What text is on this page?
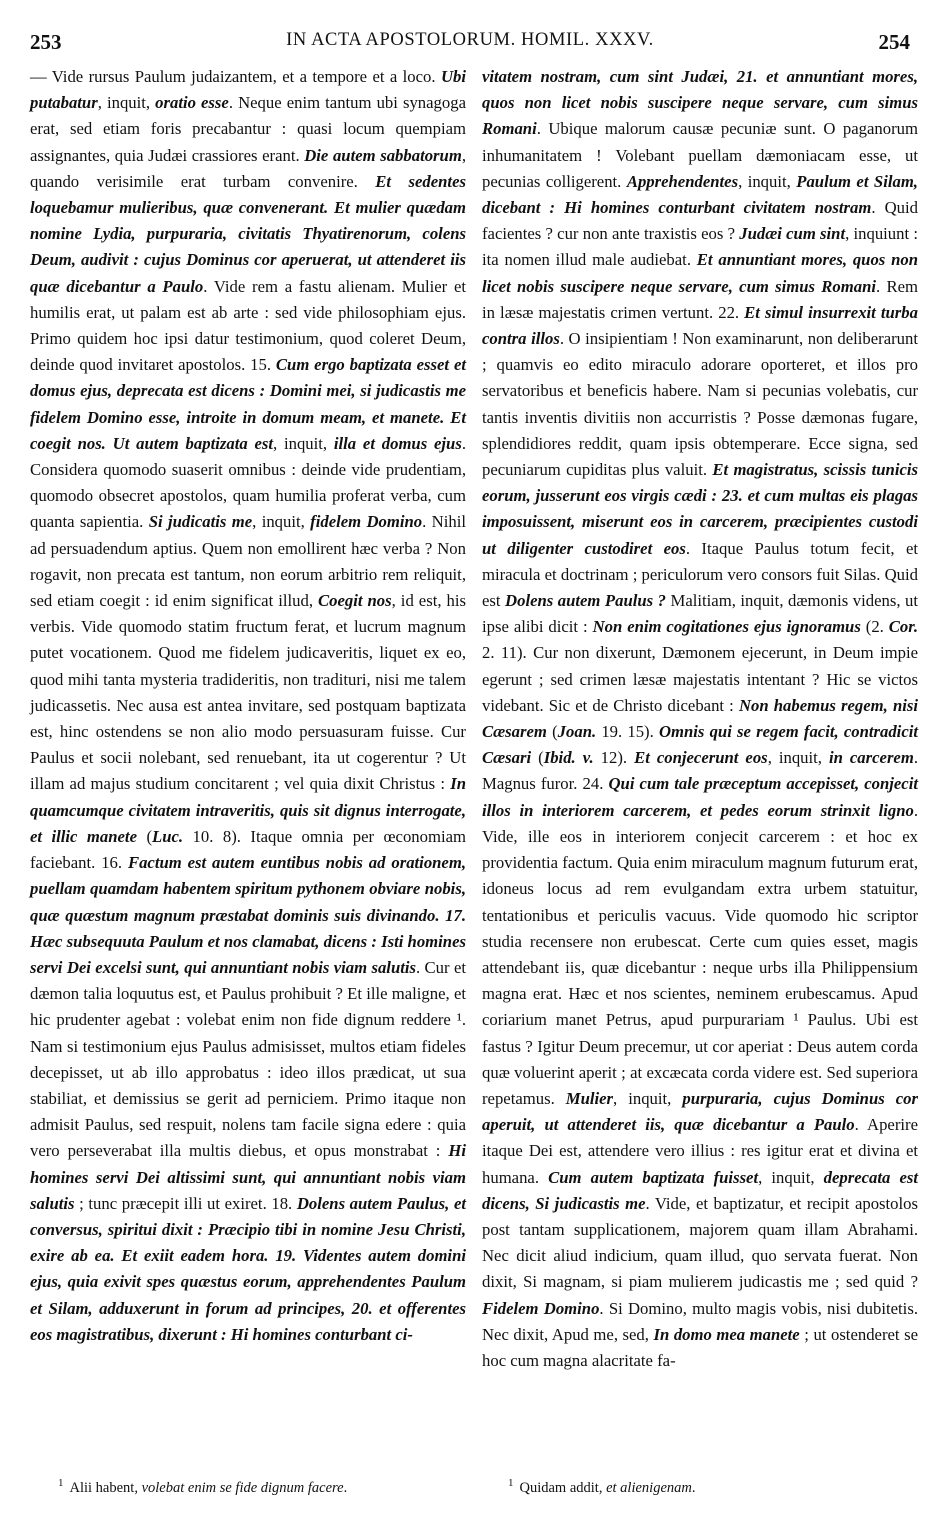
253	IN ACTA APOSTOLORUM. HOMIL. XXXV.	254
— Vide rursus Paulum judaizantem, et a tempore et a loco. Ubi putabatur, inquit, oratio esse. Neque enim tantum ubi synagoga erat, sed etiam foris precabantur : quasi locum quempiam assignantes, quia Judæi crassiores erant. Die autem sabbatorum, quando verisimile erat turbam convenire. Et sedentes loquebamur mulieribus, quæ convenerant. Et mulier quædam nomine Lydia, purpuraria, civitatis Thyatirenorum, colens Deum, audivit : cujus Dominus cor aperuerat, ut attenderet iis quæ dicebantur a Paulo. Vide rem a fastu alienam. Mulier et humilis erat, ut palam est ab arte : sed vide philosophiam ejus. Primo quidem hoc ipsi datur testimonium, quod coleret Deum, deinde quod invitaret apostolos. 15. Cum ergo baptizata esset et domus ejus, deprecata est dicens : Domini mei, si judicastis me fidelem Domino esse, introite in domum meam, et manete. Et coegit nos. Ut autem baptizata est, inquit, illa et domus ejus. Considera quomodo suaserit omnibus : deinde vide prudentiam, quomodo obsecret apostolos, quam humilia proferat verba, cum quanta sapientia. Si judicatis me, inquit, fidelem Domino. Nihil ad persuadendum aptius. Quem non emollirent hæc verba ? Non rogavit, non precata est tantum, non eorum arbitrio rem reliquit, sed etiam coegit : id enim significat illud, Coegit nos, id est, his verbis. Vide quomodo statim fructum ferat, et lucrum magnum putet vocationem. Quod me fidelem judicaveritis, liquet ex eo, quod mihi tanta mysteria tradideritis, non tradituri, nisi me talem judicassetis. Nec ausa est antea invitare, sed postquam baptizata est, hinc ostendens se non alio modo persuasuram fuisse. Cur Paulus et socii nolebant, sed renuebant, ita ut cogerentur ? Ut illam ad majus studium concitarent ; vel quia dixit Christus : In quamcumque civitatem intraveritis, quis sit dignus interrogate, et illic manete (Luc. 10. 8). Itaque omnia per œconomiam faciebant. 16. Factum est autem euntibus nobis ad orationem, puellam quamdam habentem spiritum pythonem obviare nobis, quæ quæstum magnum præstabat dominis suis divinando. 17. Hæc subsequuta Paulum et nos clamabat, dicens : Isti homines servi Dei excelsi sunt, qui annuntiant nobis viam salutis. Cur et dæmon talia loquutus est, et Paulus prohibuit ? Et ille maligne, et hic prudenter agebat : volebat enim non fide dignum reddere ¹. Nam si testimonium ejus Paulus admisisset, multos etiam fideles decepisset, ut ab illo approbatus : ideo illos prædicat, ut sua stabiliat, et demissius se gerit ad perniciem. Primo itaque non admisit Paulus, sed respuit, nolens tam facile signa edere : quia vero perseverabat illa multis diebus, et opus monstrabat : Hi homines servi Dei altissimi sunt, qui annuntiant nobis viam salutis ; tunc præcepit illi ut exiret. 18. Dolens autem Paulus, et conversus, spiritui dixit : Præcipio tibi in nomine Jesu Christi, exire ab ea. Et exiit eadem hora. 19. Videntes autem domini ejus, quia exivit spes quæstus eorum, apprehendentes Paulum et Silam, adduxerunt in forum ad principes, 20. et offerentes eos magistratibus, dixerunt : Hi homines conturbant ci-
vitatem nostram, cum sint Judæi, 21. et annuntiant mores, quos non licet nobis suscipere neque servare, cum simus Romani. Ubique malorum causæ pecuniæ sunt. O paganorum inhumanitatem ! Volebant puellam dæmoniacam esse, ut pecunias colligerent. Apprehendentes, inquit, Paulum et Silam, dicebant : Hi homines conturbant civitatem nostram. Quid facientes ? cur non ante traxistis eos ? Judæi cum sint, inquiunt : ita nomen illud male audiebat. Et annuntiant mores, quos non licet nobis suscipere neque servare, cum simus Romani. Rem in læsæ majestatis crimen vertunt. 22. Et simul insurrexit turba contra illos. O insipientiam ! Non examinarunt, non deliberarunt ; quamvis eo edito miraculo adorare oporteret, et illos pro servatoribus et beneficis habere. Nam si pecunias volebatis, cur tantis inventis divitiis non accurristis ? Posse dæmonas fugare, splendidiores reddit, quam ipsis obtemperare. Ecce signa, sed pecuniarum cupiditas plus valuit. Et magistratus, scissis tunicis eorum, jusserunt eos virgis cædi : 23. et cum multas eis plagas imposuissent, miserunt eos in carcerem, præcipientes custodi ut diligenter custodiret eos. Itaque Paulus totum fecit, et miracula et doctrinam ; periculorum vero consors fuit Silas. Quid est Dolens autem Paulus ? Malitiam, inquit, dæmonis videns, ut ipse alibi dicit : Non enim cogitationes ejus ignoramus (2. Cor. 2. 11). Cur non dixerunt, Dæmonem ejecerunt, in Deum impie egerunt ; sed crimen læsæ majestatis intentant ? Hic se victos videbant. Sic et de Christo dicebant : Non habemus regem, nisi Cæsarem (Joan. 19. 15). Omnis qui se regem facit, contradicit Cæsari (Ibid. v. 12). Et conjecerunt eos, inquit, in carcerem. Magnus furor. 24. Qui cum tale præceptum accepisset, conjecit illos in interiorem carcerem, et pedes eorum strinxit ligno. Vide, ille eos in interiorem conjecit carcerem : et hoc ex providentia factum. Quia enim miraculum magnum futurum erat, idoneus locus ad rem evulgandam extra urbem statuitur, tentationibus et periculis vacuus. Vide quomodo hic scriptor studia recensere non erubescat. Certe cum quies esset, magis attendebant iis, quæ dicebantur : neque urbs illa Philippensium magna erat. Hæc et nos scientes, neminem erubescamus. Apud coriarium manet Petrus, apud purpurariam ¹ Paulus. Ubi est fastus ? Igitur Deum precemur, ut cor aperiat : Deus autem corda quæ voluerint aperit ; at excæcata corda videre est. Sed superiora repetamus. Mulier, inquit, purpuraria, cujus Dominus cor aperuit, ut attenderet iis, quæ dicebantur a Paulo. Aperire itaque Dei est, attendere vero illius : res igitur erat et divina et humana. Cum autem baptizata fuisset, inquit, deprecata est dicens, Si judicastis me. Vide, et baptizatur, et recipit apostolos post tantam supplicationem, majorem quam illam Abrahami. Nec dicit aliud indicium, quam illud, quo servata fuerat. Non dixit, Si magnam, si piam mulierem judicastis me ; sed quid ? Fidelem Domino. Si Domino, multo magis vobis, nisi dubitetis. Nec dixit, Apud me, sed, In domo mea manete ; ut ostenderet se hoc cum magna alacritate fa-
$^1$ Alii habent, volebat enim se fide dignum facere.	$^1$ Quidam addit, et alienigenam.
